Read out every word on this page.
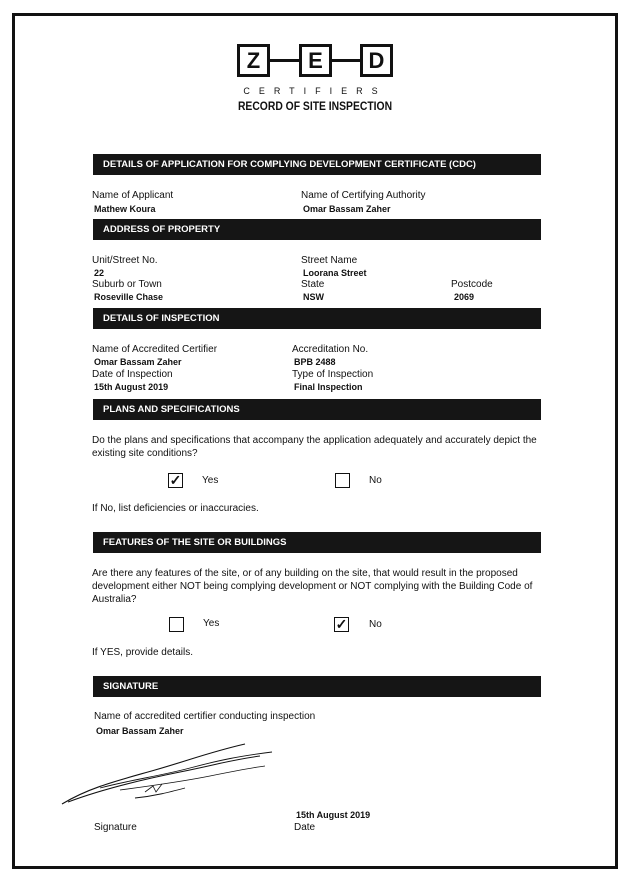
Z	E	D
CERTIFIERS
RECORD OF SITE INSPECTION
DETAILS OF APPLICATION FOR COMPLYING DEVELOPMENT CERTIFICATE (CDC)
Name of Applicant
Mathew Koura
Name of Certifying Authority
Omar Bassam Zaher
ADDRESS OF PROPERTY
Unit/Street No.
22
Street Name
Loorana Street
Suburb or Town
Roseville Chase
State
NSW
Postcode
2069
DETAILS OF INSPECTION
Name of Accredited Certifier
Omar Bassam Zaher
Accreditation No.
BPB 2488
Date of Inspection
15th August 2019
Type of Inspection
Final Inspection
PLANS AND SPECIFICATIONS
Do the plans and specifications that accompany the application adequately and accurately depict the existing site conditions?
✓ Yes	No
If No, list deficiencies or inaccuracies.
FEATURES OF THE SITE OR BUILDINGS
Are there any features of the site, or of any building on the site, that would result in the proposed development either NOT being complying development or NOT complying with the Building Code of Australia?
Yes	✓ No
If YES, provide details.
SIGNATURE
Name of accredited certifier conducting inspection
Omar Bassam Zaher
15th August 2019
Signature	Date
